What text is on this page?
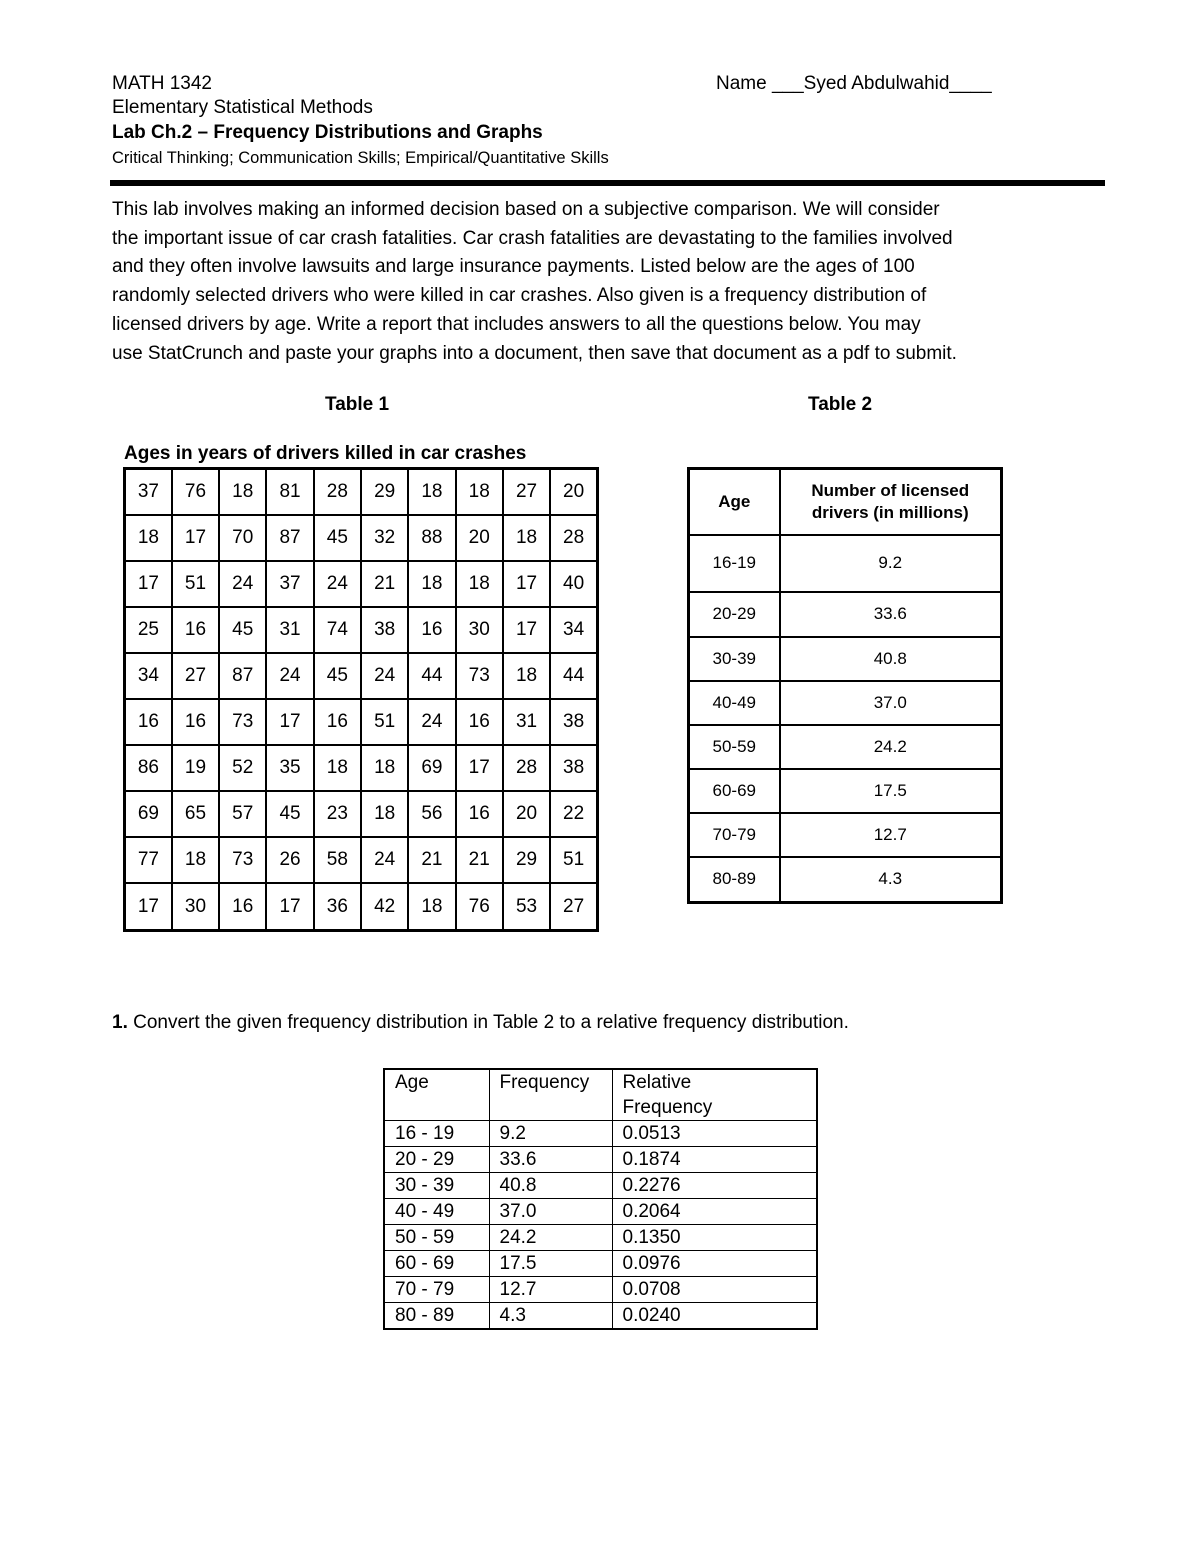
MATH 1342	Name ___Syed Abdulwahid____
Elementary Statistical Methods
Lab Ch.2 – Frequency Distributions and Graphs
Critical Thinking; Communication Skills; Empirical/Quantitative Skills
This lab involves making an informed decision based on a subjective comparison. We will consider
the important issue of car crash fatalities. Car crash fatalities are devastating to the families involved
and they often involve lawsuits and large insurance payments. Listed below are the ages of 100
randomly selected drivers who were killed in car crashes. Also given is a frequency distribution of
licensed drivers by age. Write a report that includes answers to all the questions below. You may
use StatCrunch and paste your graphs into a document, then save that document as a pdf to submit.
Table 1	Table 2
Ages in years of drivers killed in car crashes
37	76	18	81	28	29	18	18	27	20
18	17	70	87	45	32	88	20	18	28
17	51	24	37	24	21	18	18	17	40
25	16	45	31	74	38	16	30	17	34
34	27	87	24	45	24	44	73	18	44
16	16	73	17	16	51	24	16	31	38
86	19	52	35	18	18	69	17	28	38
69	65	57	45	23	18	56	16	20	22
77	18	73	26	58	24	21	21	29	51
17	30	16	17	36	42	18	76	53	27
Age	Number of licensed drivers (in millions)
16-19	9.2
20-29	33.6
30-39	40.8
40-49	37.0
50-59	24.2
60-69	17.5
70-79	12.7
80-89	4.3
1. Convert the given frequency distribution in Table 2 to a relative frequency distribution.
Age	Frequency	Relative Frequency
16 - 19	9.2	0.0513
20 - 29	33.6	0.1874
30 - 39	40.8	0.2276
40 - 49	37.0	0.2064
50 - 59	24.2	0.1350
60 - 69	17.5	0.0976
70 - 79	12.7	0.0708
80 - 89	4.3	0.0240
